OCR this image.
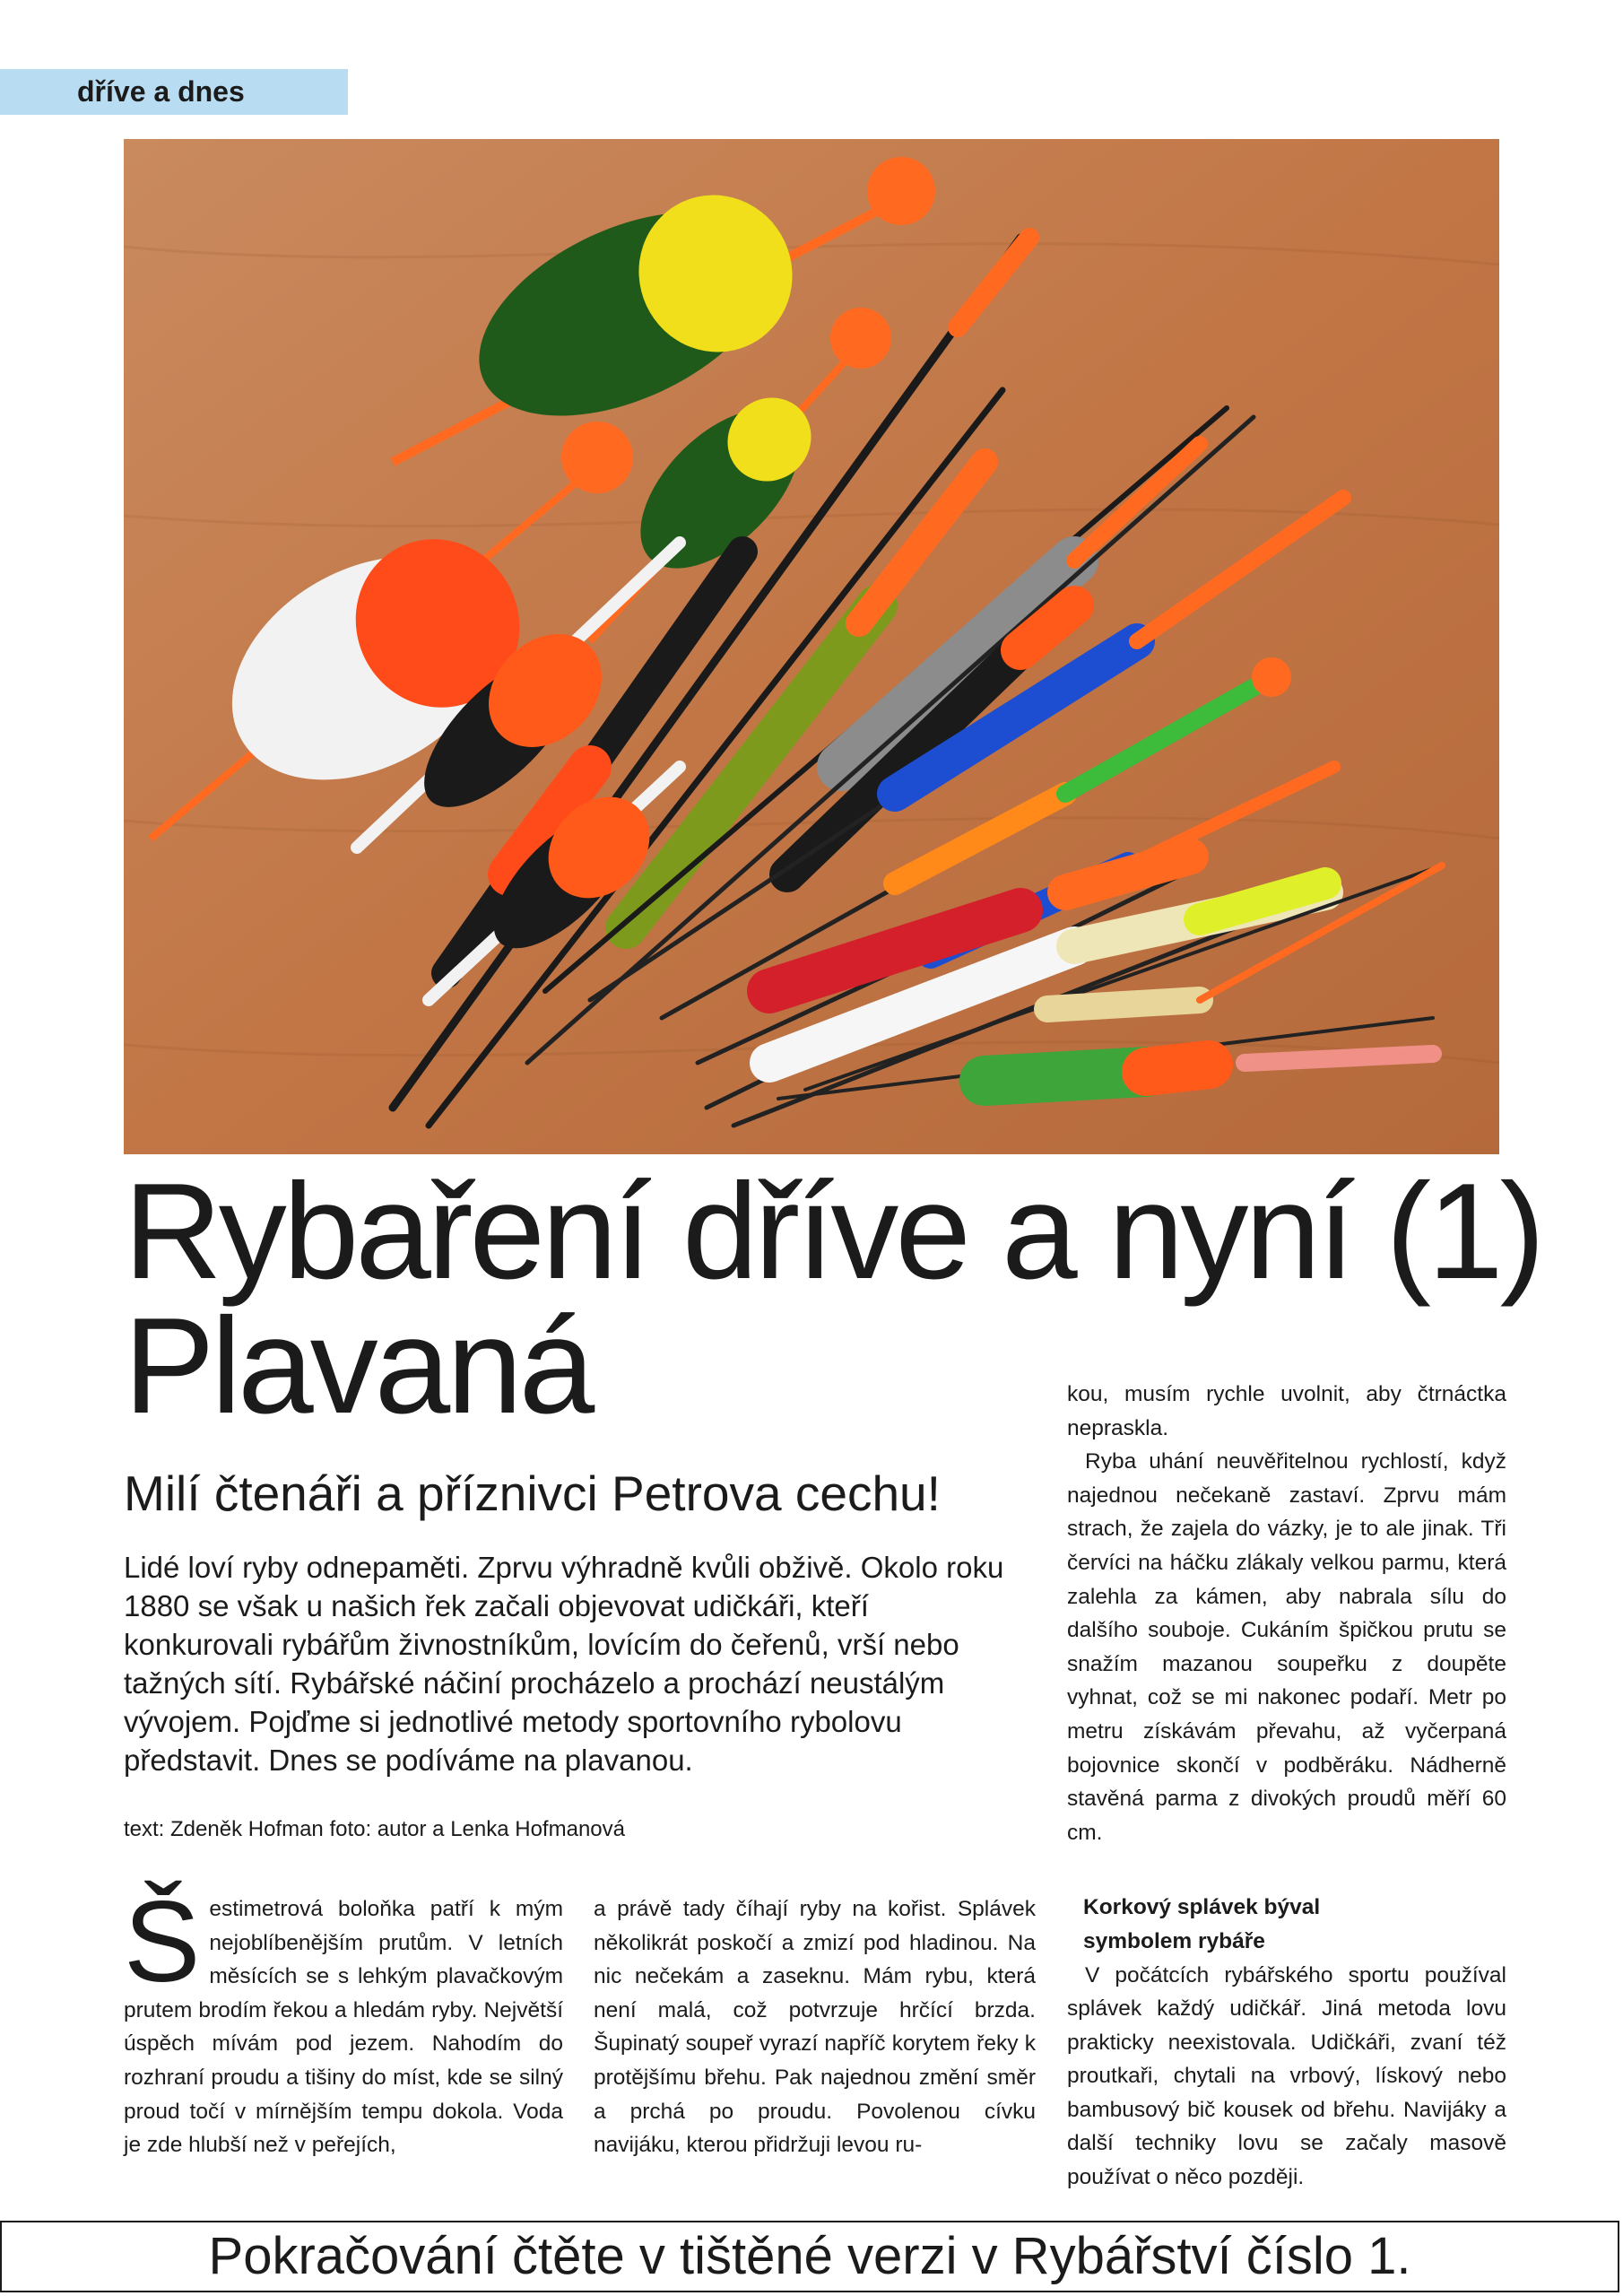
dříve a dnes
Rybaření dříve a nyní (1)
Plavaná
Milí čtenáři a příznivci Petrova cechu!
Lidé loví ryby odnepaměti. Zprvu výhradně kvůli obživě. Okolo roku 1880 se však u našich řek začali objevovat udičkáři, kteří konkurovali rybářům živnostníkům, lovícím do čeřenů, vrší nebo tažných sítí. Rybářské náčiní procházelo a prochází neustálým vývojem. Pojďme si jednotlivé metody sportovního rybolovu představit. Dnes se podíváme na plavanou.
text: Zdeněk Hofman foto: autor a Lenka Hofmanová
Š estimetrová boloňka patří k mým nejoblíbenějším prutům. V letních měsících se s lehkým plavačkovým prutem brodím řekou a hledám ryby. Největší úspěch mívám pod jezem. Nahodím do rozhraní proudu a tišiny do míst, kde se silný proud točí v mírnějším tempu dokola. Voda je zde hlubší než v peřejích,

a právě tady číhají ryby na kořist. Splávek několikrát poskočí a zmizí pod hladinou. Na nic nečekám a zaseknu. Mám rybu, která není malá, což potvrzuje hrčící brzda. Šupinatý soupeř vyrazí napříč korytem řeky k protějšímu břehu. Pak najednou změní směr a prchá po proudu. Povolenou cívku navijáku, kterou přidržuji levou ru-

kou, musím rychle uvolnit, aby čtrnáctka nepraskla.

Ryba uhání neuvěřitelnou rychlostí, když najednou nečekaně zastaví. Zprvu mám strach, že zajela do vázky, je to ale jinak. Tři červíci na háčku zlákaly velkou parmu, která zalehla za kámen, aby nabrala sílu do dalšího souboje. Cukáním špičkou prutu se snažím mazanou soupeřku z doupěte vyhnat, což se mi nakonec podaří. Metr po metru získávám převahu, až vyčerpaná bojovnice skončí v podběráku. Nádherně stavěná parma z divokých proudů měří 60 cm.

Korkový splávek býval
symbolem rybáře

V počátcích rybářského sportu používal splávek každý udičkář. Jiná metoda lovu prakticky neexistovala. Udičkáři, zvaní též proutkaři, chytali na vrbový, lískový nebo bambusový bič kousek od břehu. Navijáky a další techniky lovu se začaly masově používat o něco později.

Pokračování čtěte v tištěné verzi v Rybářství číslo 1.
